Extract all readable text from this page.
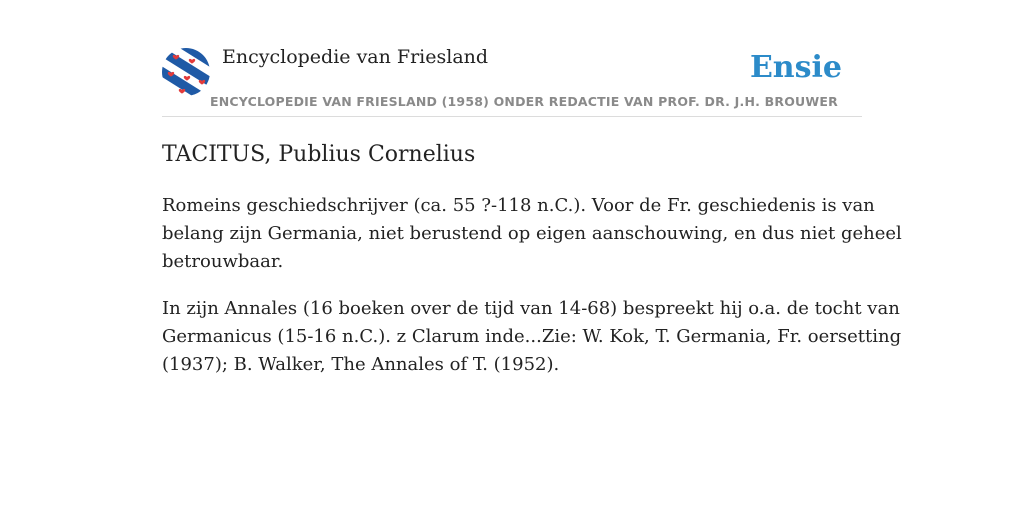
Encyclopedie van Friesland
ENCYCLOPEDIE VAN FRIESLAND (1958) ONDER REDACTIE VAN PROF. DR. J.H. BROUWER
Ensie
TACITUS, Publius Cornelius

Romeins geschiedschrijver (ca. 55 ?-118 n.C.). Voor de Fr. geschiedenis is van
belang zijn Germania, niet berustend op eigen aanschouwing, en dus niet geheel
betrouwbaar.

In zijn Annales (16 boeken over de tijd van 14-68) bespreekt hij o.a. de tocht van
Germanicus (15-16 n.C.). z Clarum inde...Zie: W. Kok, T. Germania, Fr. oersetting
(1937); B. Walker, The Annales of T. (1952).
